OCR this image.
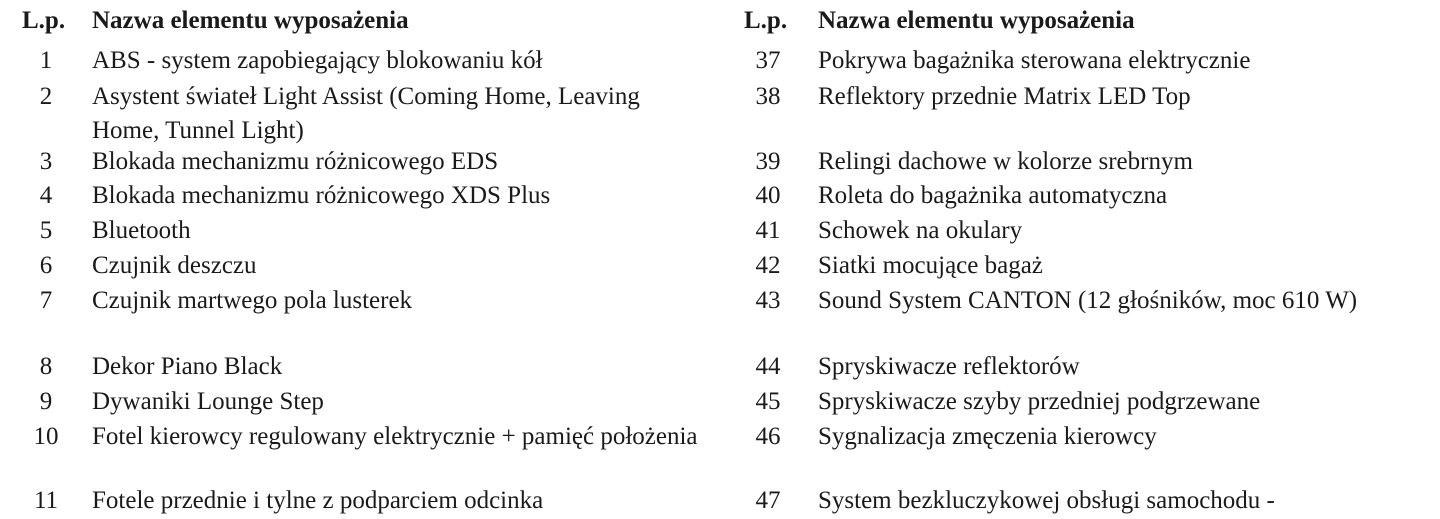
L.p. Nazwa elementu wyposażenia
1	ABS - system zapobiegający blokowaniu kół
2	Asystent świateł Light Assist (Coming Home, Leaving Home, Tunnel Light)
3	Blokada mechanizmu różnicowego EDS
4	Blokada mechanizmu różnicowego XDS Plus
5	Bluetooth
6	Czujnik deszczu
7	Czujnik martwego pola lusterek
8	Dekor Piano Black
9	Dywaniki Lounge Step
10	Fotel kierowcy regulowany elektrycznie + pamięć położenia
11	Fotele przednie i tylne z podparciem odcinka
L.p. Nazwa elementu wyposażenia
37	Pokrywa bagażnika sterowana elektrycznie
38	Reflektory przednie Matrix LED Top
39	Relingi dachowe w kolorze srebrnym
40	Roleta do bagażnika automatyczna
41	Schowek na okulary
42	Siatki mocujące bagaż
43	Sound System CANTON (12 głośników, moc 610 W)
44	Spryskiwacze reflektorów
45	Spryskiwacze szyby przedniej podgrzewane
46	Sygnalizacja zmęczenia kierowcy
47	System bezkluczykowej obsługi samochodu -
